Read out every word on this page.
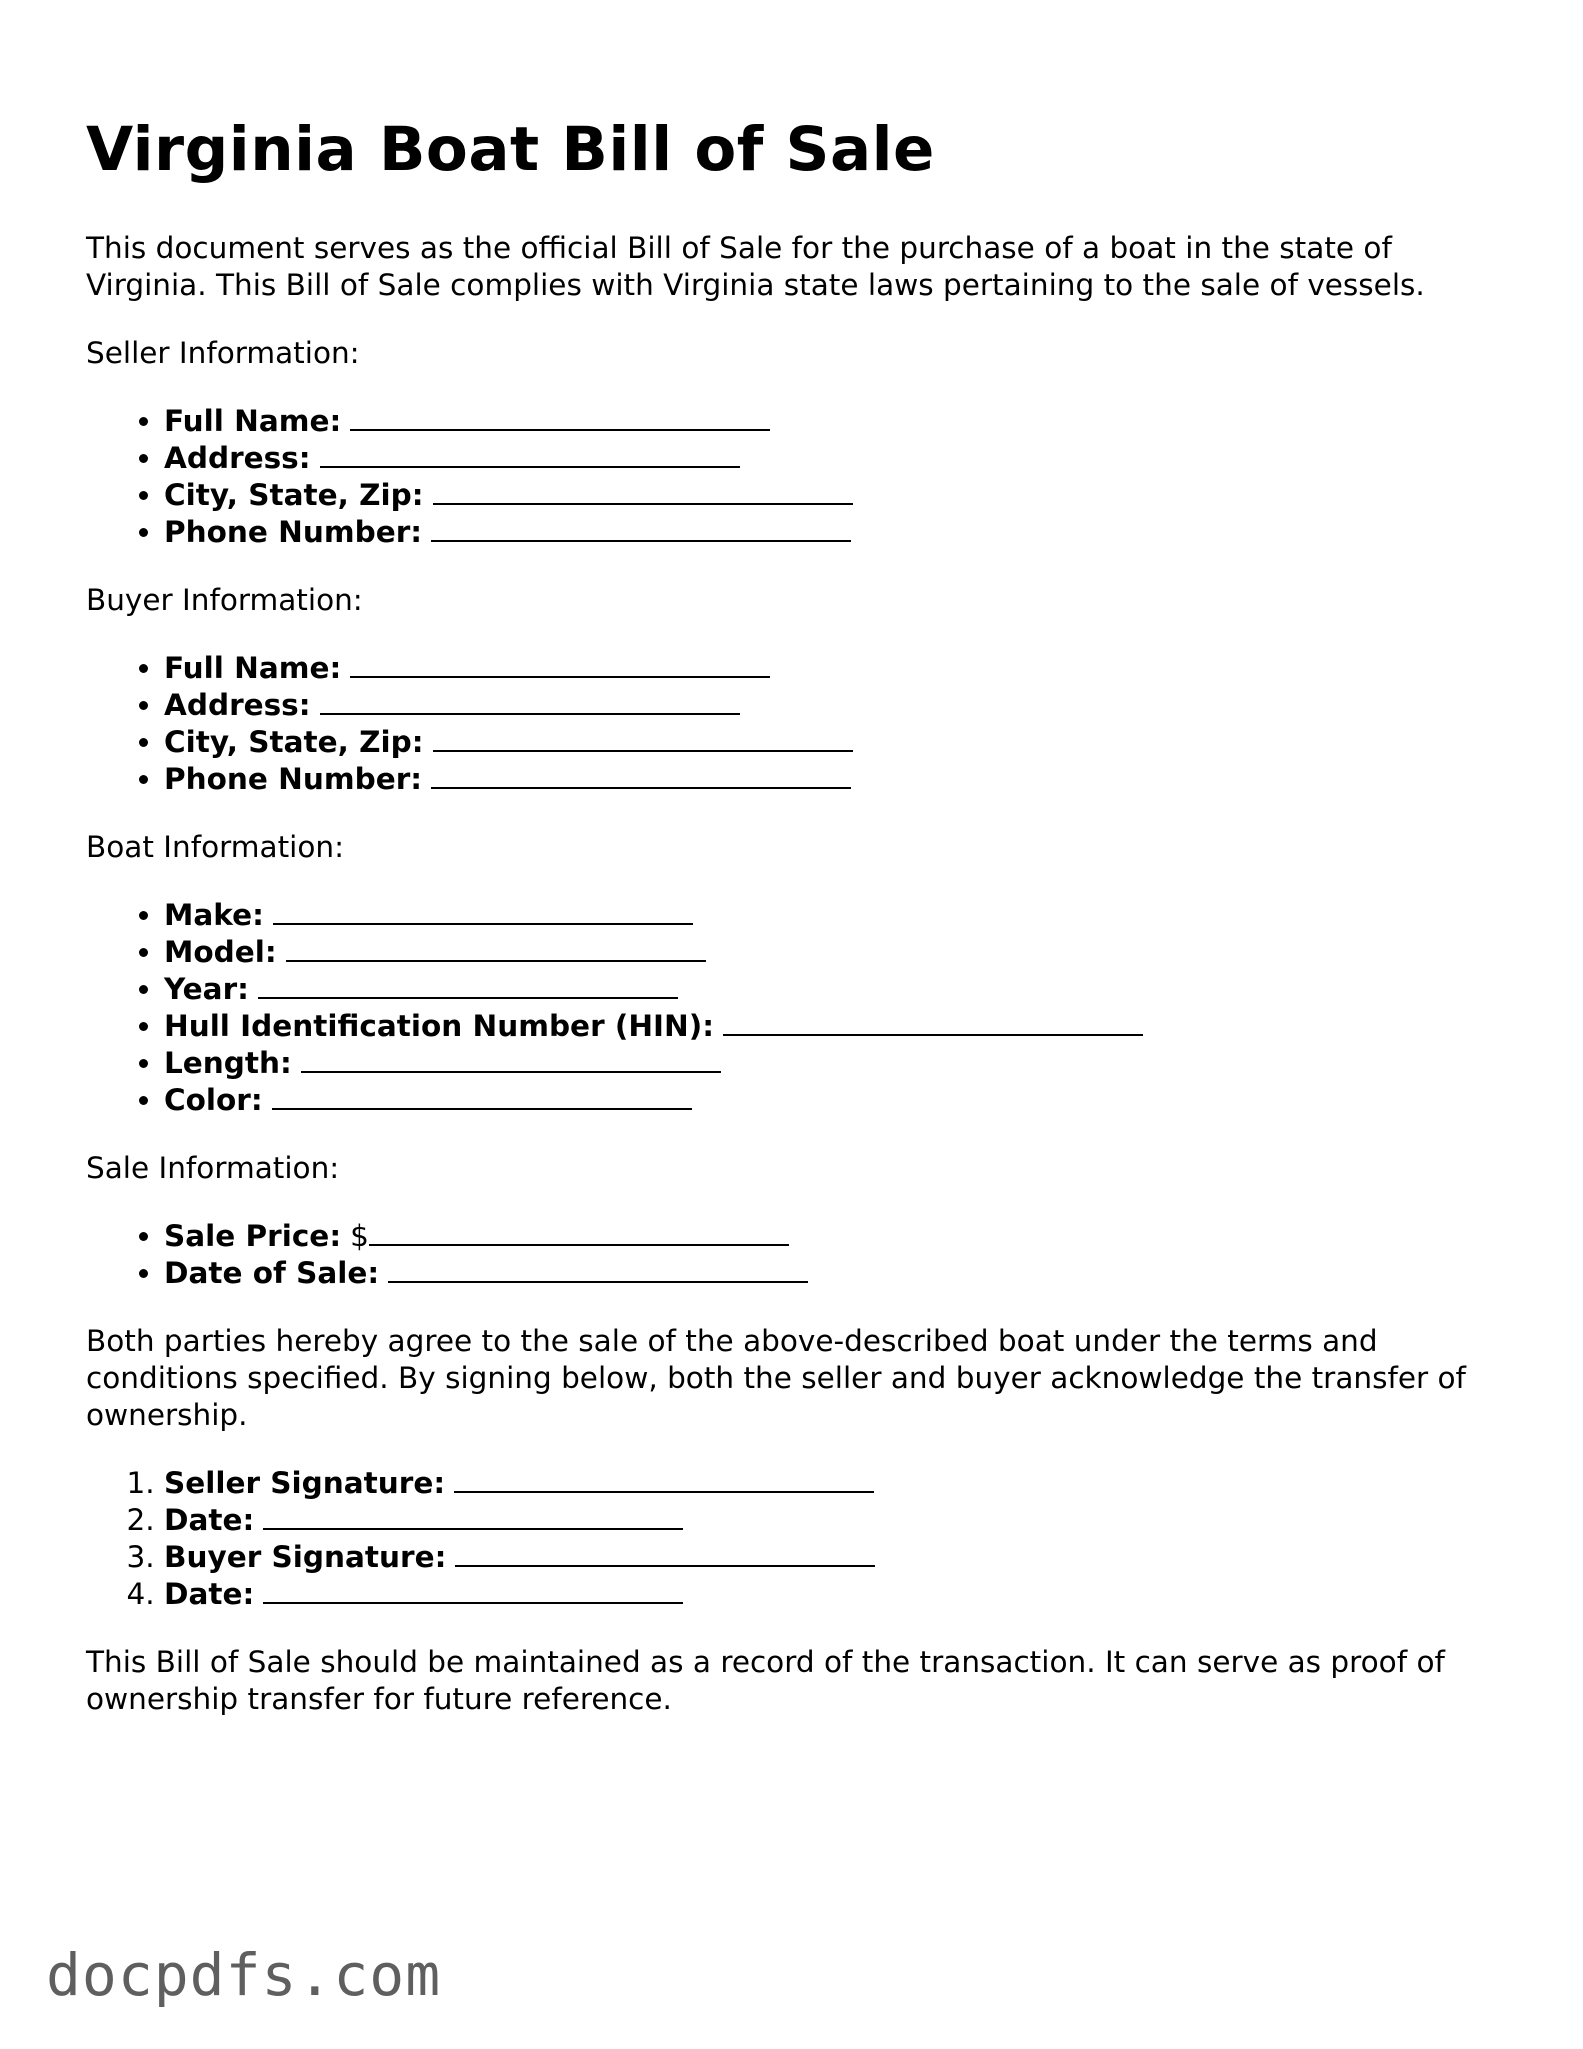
Virginia Boat Bill of Sale

This document serves as the official Bill of Sale for the purchase of a boat in the state of Virginia. This Bill of Sale complies with Virginia state laws pertaining to the sale of vessels.

Seller Information:

• Full Name:
• Address:
• City, State, Zip:
• Phone Number:

Buyer Information:

• Full Name:
• Address:
• City, State, Zip:
• Phone Number:

Boat Information:

• Make:
• Model:
• Year:
• Hull Identification Number (HIN):
• Length:
• Color:

Sale Information:

• Sale Price: $
• Date of Sale:

Both parties hereby agree to the sale of the above-described boat under the terms and conditions specified. By signing below, both the seller and buyer acknowledge the transfer of ownership.

1. Seller Signature:
2. Date:
3. Buyer Signature:
4. Date:

This Bill of Sale should be maintained as a record of the transaction. It can serve as proof of ownership transfer for future reference.

docpdfs.com
